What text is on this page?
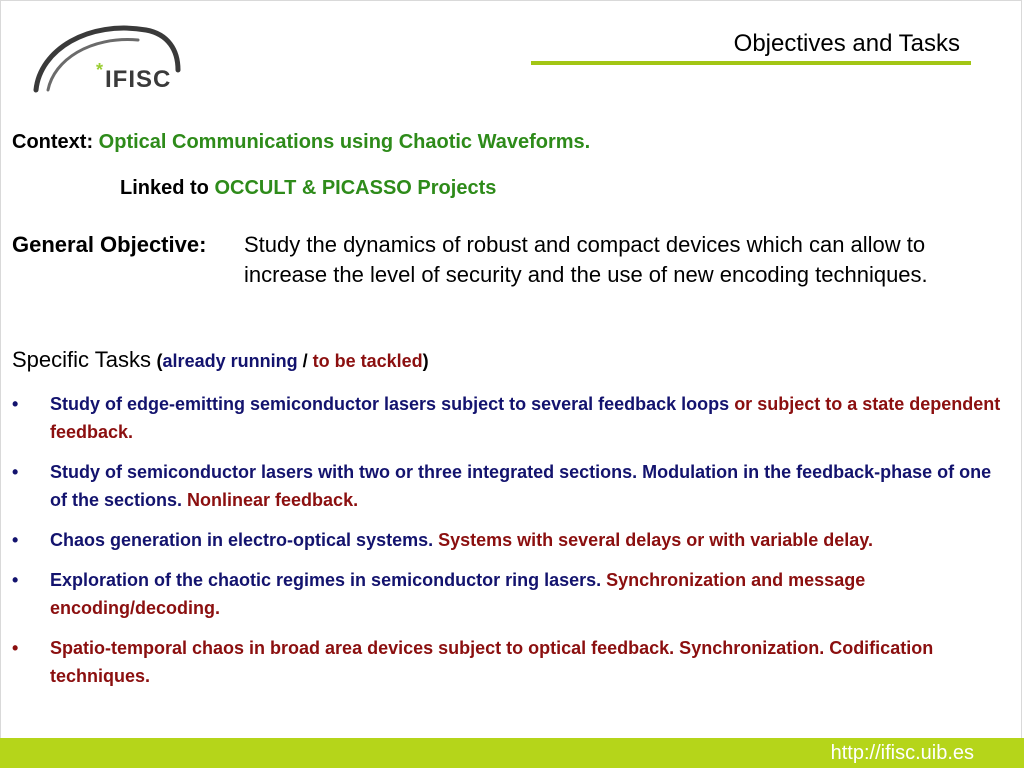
* IFISC
Objectives and Tasks
Context: Optical Communications using Chaotic Waveforms.
Linked to OCCULT & PICASSO Projects
General Objective: Study the dynamics of robust and compact devices which can allow to increase the level of security and the use of new encoding techniques.
Specific Tasks (already running / to be tackled)
• Study of edge-emitting semiconductor lasers subject to several feedback loops or subject to a state dependent feedback.
• Study of semiconductor lasers with two or three integrated sections. Modulation in the feedback-phase of one of the sections. Nonlinear feedback.
• Chaos generation in electro-optical systems. Systems with several delays or with variable delay.
• Exploration of the chaotic regimes in semiconductor ring lasers. Synchronization and message encoding/decoding.
• Spatio-temporal chaos in broad area devices subject to optical feedback. Synchronization. Codification techniques.
http://ifisc.uib.es
